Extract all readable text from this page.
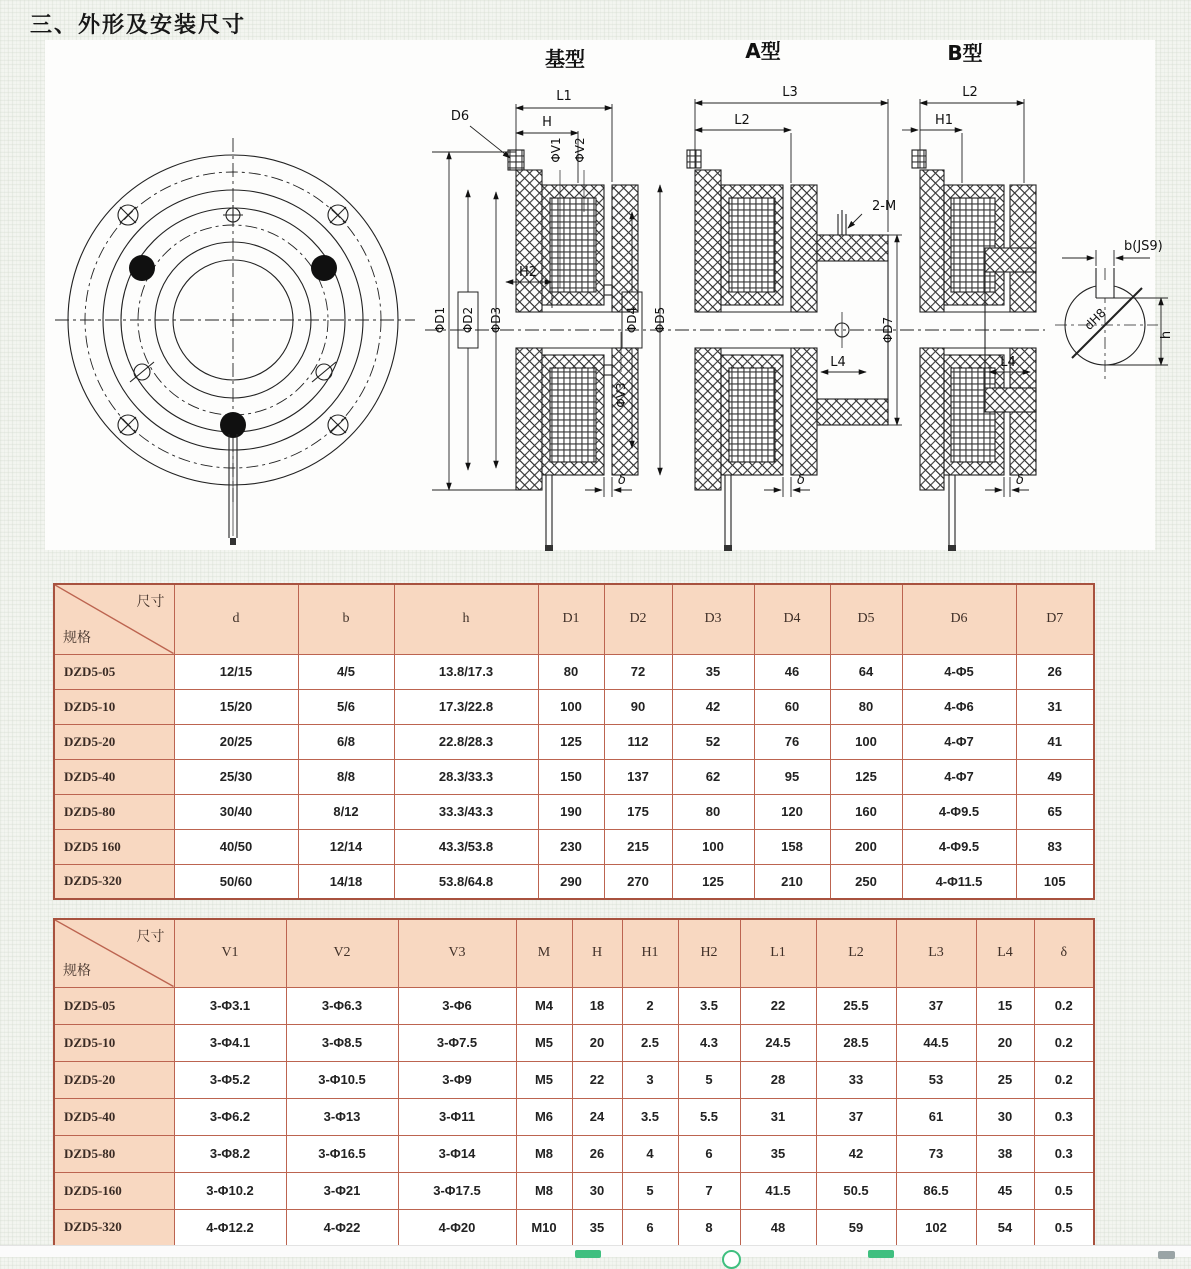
三、外形及安装尺寸
基型	A型	B型
L1
H
D6
ΦV1 ΦV2
H2
ΦD1 ΦD2 ΦD3	ΦD4 ΦD5
ΦV3
δ
L3
L2
2-M
L4
ΦD7
δ
L2
H1
L4
δ
b(JS9)
dH8
h
尺寸
规格	d	b	h	D1	D2	D3	D4	D5	D6	D7
DZD5-05	12/15	4/5	13.8/17.3	80	72	35	46	64	4-Φ5	26
DZD5-10	15/20	5/6	17.3/22.8	100	90	42	60	80	4-Φ6	31
DZD5-20	20/25	6/8	22.8/28.3	125	112	52	76	100	4-Φ7	41
DZD5-40	25/30	8/8	28.3/33.3	150	137	62	95	125	4-Φ7	49
DZD5-80	30/40	8/12	33.3/43.3	190	175	80	120	160	4-Φ9.5	65
DZD5 160	40/50	12/14	43.3/53.8	230	215	100	158	200	4-Φ9.5	83
DZD5-320	50/60	14/18	53.8/64.8	290	270	125	210	250	4-Φ11.5	105
尺寸
规格	V1	V2	V3	M	H	H1	H2	L1	L2	L3	L4	δ
DZD5-05	3-Φ3.1	3-Φ6.3	3-Φ6	M4	18	2	3.5	22	25.5	37	15	0.2
DZD5-10	3-Φ4.1	3-Φ8.5	3-Φ7.5	M5	20	2.5	4.3	24.5	28.5	44.5	20	0.2
DZD5-20	3-Φ5.2	3-Φ10.5	3-Φ9	M5	22	3	5	28	33	53	25	0.2
DZD5-40	3-Φ6.2	3-Φ13	3-Φ11	M6	24	3.5	5.5	31	37	61	30	0.3
DZD5-80	3-Φ8.2	3-Φ16.5	3-Φ14	M8	26	4	6	35	42	73	38	0.3
DZD5-160	3-Φ10.2	3-Φ21	3-Φ17.5	M8	30	5	7	41.5	50.5	86.5	45	0.5
DZD5-320	4-Φ12.2	4-Φ22	4-Φ20	M10	35	6	8	48	59	102	54	0.5
